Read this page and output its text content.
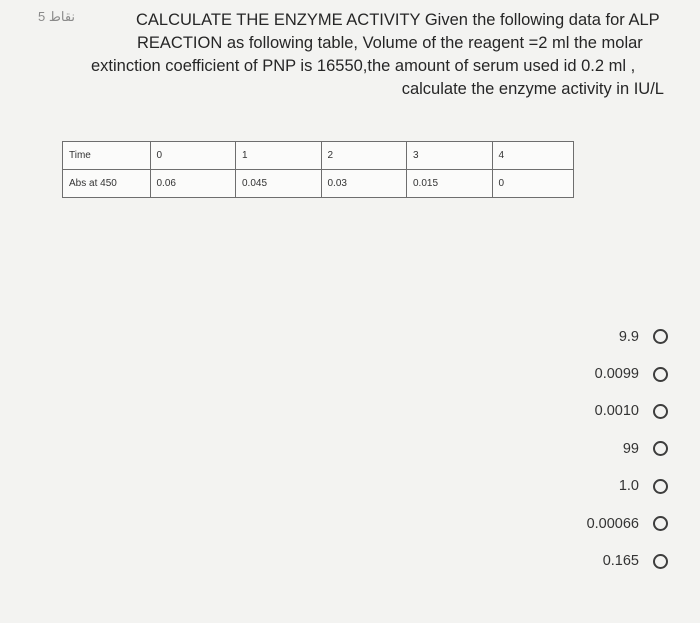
5 نقاط	CALCULATE THE ENZYME ACTIVITY Given the following data for ALP
REACTION as following table, Volume of the reagent =2 ml the molar
extinction coefficient of PNP is 16550,the amount of serum used id 0.2 ml ,
calculate the enzyme activity in IU/L
Time	0	1	2	3	4
Abs at 450	0.06	0.045	0.03	0.015	0
9.9
0.0099
0.0010
99
1.0
0.00066
0.165
